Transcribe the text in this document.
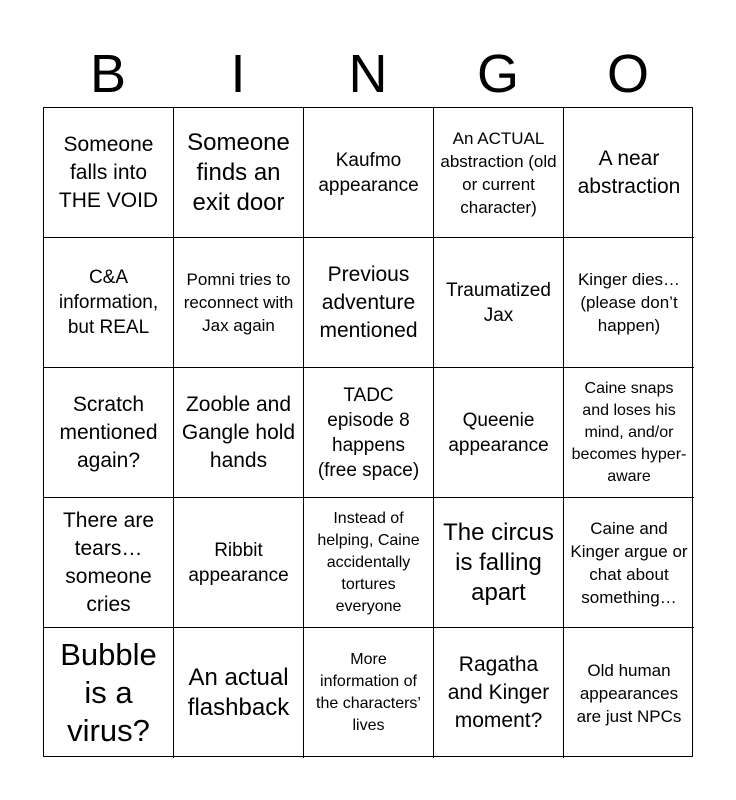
B	I	N	G	O
Someone falls into THE VOID
Someone finds an exit door
Kaufmo appearance
An ACTUAL abstraction (old or current character)
A near abstraction
C&A information, but REAL
Pomni tries to reconnect with Jax again
Previous adventure mentioned
Traumatized Jax
Kinger dies… (please don’t happen)
Scratch mentioned again?
Zooble and Gangle hold hands
TADC episode 8 happens (free space)
Queenie appearance
Caine snaps and loses his mind, and/or becomes hyper-aware
There are tears… someone cries
Ribbit appearance
Instead of helping, Caine accidentally tortures everyone
The circus is falling apart
Caine and Kinger argue or chat about something…
Bubble is a virus?
An actual flashback
More information of the characters’ lives
Ragatha and Kinger moment?
Old human appearances are just NPCs
